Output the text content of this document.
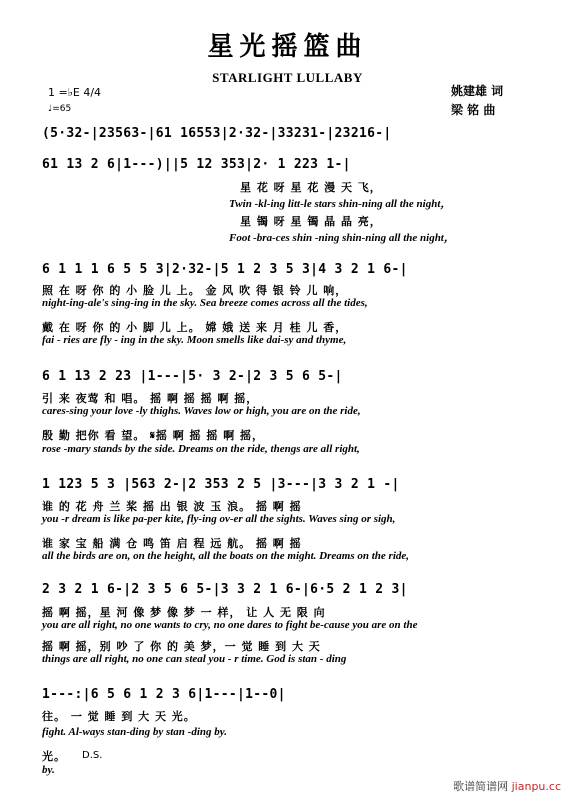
星光摇篮曲
STARLIGHT LULLABY
姚建雄 词
梁 铭 曲
1 =♭E 4/4
♩=65
(5·32-|23563-|61 16553|2·32-|33231-|23216-|
61 13 2 6|1---)||5 12 353|2· 1 223 1-|
星 花 呀 星 花 漫 天 飞，
Twin -kl-ing litt-le stars shin-ning all the night，
星 镯 呀 星 镯 晶 晶 亮，
Foot -bra-ces shin -ning shin-ning all the night，
6 1 1 1 6 5 5 3|2·32-|5 1 2 3 5 3|4 3 2 1 6-|
照 在 呀 你 的 小 脸 儿 上。 金 风 吹 得 银 铃 儿 响，
night-ing-ale's sing-ing in the sky. Sea breeze comes across all the tides,
戴 在 呀 你 的 小 脚 儿 上。 嫦 娥 送 来 月 桂 儿 香，
fai - ries are fly - ing in the sky. Moon smells like dai-sy and thyme,
6 1 13 2 23 |1---|5· 3 2-|2 3 5 6 5-|
引 来 夜莺 和 唱。 摇 啊 摇 摇 啊 摇，
cares-sing your love -ly thighs. Waves low or high, you are on the ride,
殷 勤 把你 看 望。 𝄋摇 啊 摇 摇 啊 摇，
rose -mary stands by the side. Dreams on the ride, thengs are all right,
1 123 5 3 |563 2-|2 353 2 5 |3---|3 3 2 1 -|
谁 的 花 舟 兰 桨 摇 出 银 波 玉 浪。 摇 啊 摇
you -r dream is like pa-per kite, fly-ing ov-er all the sights. Waves sing or sigh,
谁 家 宝 船 满 仓 鸣 笛 启 程 远 航。 摇 啊 摇
all the birds are on, on the height, all the boats on the might. Dreams on the ride,
2 3 2 1 6-|2 3 5 6 5-|3 3 2 1 6-|6·5 2 1 2 3|
摇 啊 摇，星 河 像 梦 像 梦 一 样， 让 人 无 限 向
you are all right, no one wants to cry, no one dares to fight be-cause you are on the
摇 啊 摇，别 吵 了 你 的 美 梦，一 觉 睡 到 大 天
things are all right, no one can steal you - r time. God is stan - ding
1---:|6 5 6 1 2 3 6|1---|1--0|
往。 一 觉 睡 到 大 天 光。
fight. Al-ways stan-ding by stan -ding by.
光。 D.S.
by.
歌谱简谱网 jianpu.cc
